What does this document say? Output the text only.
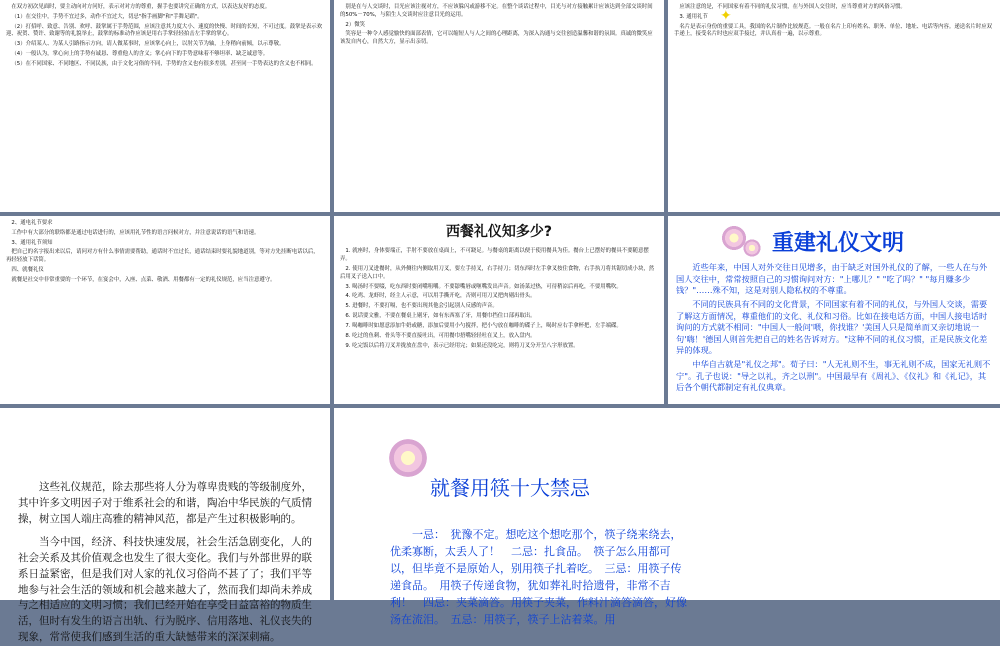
在双方初次见面时，要主动向对方问好，表示对对方的尊重，握手也要讲究正确的方式，以表达友好的态度。

（1）在交往中，手势不宜过多，动作不宜过大，切忌"指手画脚"和"手舞足蹈"。

（2）打招呼、致意、告别、欢呼、鼓掌属于手势范围，应该注意其力度大小、速度的快慢、时间的长短，不可过度。鼓掌是表示欢迎、祝贺、赞许、致谢等的礼貌举止，鼓掌的标准动作应该是用右手掌轻轻拍击左手掌的掌心。

（3）介绍某人、为某人引路指示方向，请人做某事时，应该掌心向上，以肘关节为轴，上身稍向前倾，以示尊敬。

（4）一般认为，掌心向上的手势有诚恳、尊重他人的含义；掌心向下的手势意味着不够坦率、缺乏诚意等。

（5）在不同国家、不同地区、不同民族，由于文化习俗的不同，手势的含义也有很多差别，甚至同一手势表达的含义也不相同。

别是在与人交谈时，目光应该注视对方，不应该躲闪或游移不定。在整个谈话过程中，目光与对方接触累计应该达到全部交谈时间的50%－70%，与陌生人交谈时应注意目光的运用。

2）微笑

笑容是一种令人感觉愉快的面部表情，它可以缩短人与人之间的心理距离，为深入沟通与交往创造温馨和谐的氛围。真诚的微笑应该发自内心，自然大方，显示出亲切。

✦

应该注意的是，不同国家有着不同的礼仪习惯，在与外国人交往时，应当尊重对方的风俗习惯。

3. 通用礼节

名片是表示身份的重要工具，我国的名片制作比较规范。一般在名片上印有姓名、职务、单位、地址、电话等内容。递送名片时应双手递上，接受名片时也应双手接过，并认真看一遍，以示尊重。

2、通电礼节要求

工作中有大部分的联络都是通过电话进行的，应该用礼节性的语言问候对方，并注意说话的语气和语速。

3、通用礼节须知

把自己的名字报出来以后，请问对方有什么事情需要帮助，通话时不宜过长，通话结束时要礼貌地道别，等对方先挂断电话以后，再轻轻放下话筒。

四、就餐礼仪

就餐是社交中非常重要的一个环节，在宴会中，入座、点菜、敬酒、用餐都有一定的礼仪规范，应当注意遵守。

西餐礼仪知多少?

1. 就座时，身体要端正，手肘不要放在桌面上，不可跷足。与餐桌的距离以便于使用餐具为佳。餐台上已摆好的餐具不要随意摆弄。

2. 使用刀叉进餐时，从外侧往内侧取用刀叉，要左手持叉，右手持刀；切东西时左手拿叉按住食物，右手执刀将其锯切成小块，然后用叉子送入口中。

3. 喝汤时不要啜，吃东西时要闭嘴咀嚼。不要舔嘴唇或咂嘴发出声音。如汤菜过热，可待稍凉后再吃，不要用嘴吹。

4. 吃鸡、龙虾时，经主人示意，可以用手撕开吃，否则可用刀叉把肉剔出骨头。

5. 进餐时，不要打嗝，也不要出现其他会引起别人反感的声音。

6. 说话要文雅，不要在餐桌上剔牙，如有东西塞了牙，用餐巾挡住口部再取出。

7. 喝咖啡时如愿意添加牛奶或糖，添加后要用小勺搅拌，把小勺放在咖啡的碟子上，喝时应右手拿杯把，左手端碟。

8. 吃过的鱼刺、骨头等不要直接吐出，可用餐巾捂嘴轻轻吐在叉上，放入盘内。

9. 吃完饭以后将刀叉并拢放在盘中，表示已经用完；如果还没吃完，则将刀叉分开呈八字形放置。

重建礼仪文明

近些年来，中国人对外交往日见增多，由于缺乏对国外礼仪的了解，一些人在与外国人交往中，常常按照自己的习惯询问对方："上哪儿？" "吃了吗？" "每月赚多少钱？"……殊不知，这是对别人隐私权的不尊重。

不同的民族具有不同的文化背景，不同国家有着不同的礼仪，与外国人交谈，需要了解这方面情况，尊重他们的文化、礼仪和习俗。比如在接电话方面，中国人接电话时询问的方式就不相同："中国人一般问'喂，你找谁？'美国人只是简单而又亲切地说一句'嗨！'德国人则首先把自己的姓名告诉对方。"这种不同的礼仪习惯，正是民族文化差异的体现。

中华自古就是"礼仪之邦"。荀子曰："人无礼则不生，事无礼则不成，国家无礼则不宁"。孔子也说："导之以礼，齐之以刑"。中国最早有《周礼》、《仪礼》和《礼记》，其后各个朝代都制定有礼仪典章。

这些礼仪规范，除去那些将人分为尊卑贵贱的等级制度外，其中许多文明因子对于维系社会的和谐，陶冶中华民族的气质情操，树立国人端庄高雅的精神风范，都是产生过积极影响的。

当今中国，经济、科技快速发展，社会生活急剧变化，人的社会关系及其价值观念也发生了很大变化。我们与外部世界的联系日益紧密，但是我们对人家的礼仪习俗尚不甚了了；我们平等地参与社会生活的领域和机会越来越大了，然而我们却尚未养成与之相适应的文明习惯；我们已经开始在享受日益富裕的物质生活，但时有发生的语言出轨、行为脱序、信用落地、礼仪丧失的现象，常常使我们感到生活的重大缺憾带来的深深刺痛。

就餐用筷十大禁忌

一忌：　犹豫不定。想吃这个想吃那个，筷子绕来绕去，优柔寡断，太丢人了！　二忌：扎食品。　筷子怎么用都可以，但毕竟不是原始人，别用筷子扎着吃。　三忌：用筷子传递食品。　用筷子传递食物，犹如葬礼时拾遗骨，非常不吉利！　四忌：夹菜滴答。用筷子夹菜，作料汁滴答滴答，好像汤在流泪。　五忌：用筷子，筷子上沾着菜。用
